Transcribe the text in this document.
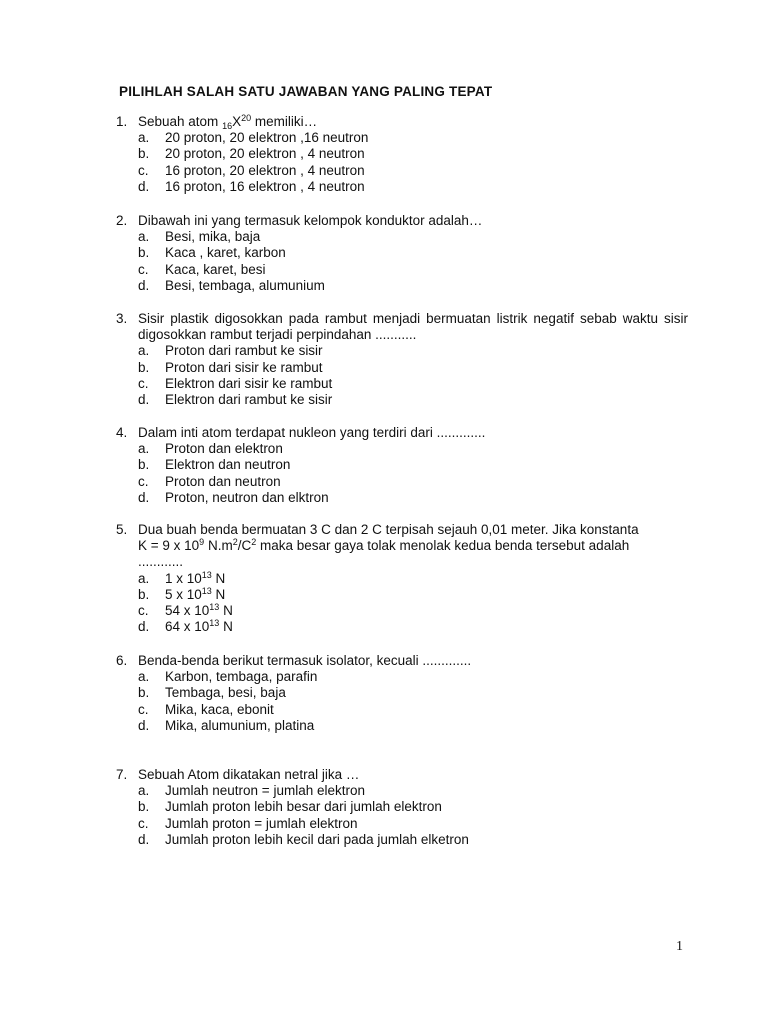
PILIHLAH SALAH SATU JAWABAN YANG PALING TEPAT
1. Sebuah atom $_{16}X^{20}$ memiliki…
a. 20 proton, 20 elektron ,16 neutron
b. 20 proton, 20 elektron , 4 neutron
c. 16 proton, 20 elektron , 4 neutron
d. 16 proton, 16 elektron , 4 neutron
2. Dibawah ini yang termasuk kelompok konduktor adalah…
a. Besi, mika, baja
b. Kaca , karet, karbon
c. Kaca, karet, besi
d. Besi, tembaga, alumunium
3. Sisir plastik digosokkan pada rambut menjadi bermuatan listrik negatif sebab waktu sisir digosokkan rambut terjadi perpindahan ...........
a. Proton dari rambut ke sisir
b. Proton dari sisir ke rambut
c. Elektron dari sisir ke rambut
d. Elektron dari rambut ke sisir
4. Dalam inti atom terdapat nukleon yang terdiri dari .............
a. Proton dan elektron
b. Elektron dan neutron
c. Proton dan neutron
d. Proton, neutron dan elktron
5. Dua buah benda bermuatan 3 C dan 2 C terpisah sejauh 0,01 meter. Jika konstanta
K = 9 x $10^9$ $N.m^2/C^2$ maka besar gaya tolak menolak kedua benda tersebut adalah
............
a. 1 x $10^{13}$ N
b. 5 x $10^{13}$ N
c. 54 x $10^{13}$ N
d. 64 x $10^{13}$ N
6. Benda-benda berikut termasuk isolator, kecuali .............
a. Karbon, tembaga, parafin
b. Tembaga, besi, baja
c. Mika, kaca, ebonit
d. Mika, alumunium, platina
7. Sebuah Atom dikatakan netral jika …
a. Jumlah neutron = jumlah elektron
b. Jumlah proton lebih besar dari jumlah elektron
c. Jumlah proton = jumlah elektron
d. Jumlah proton lebih kecil dari pada jumlah elketron
1
